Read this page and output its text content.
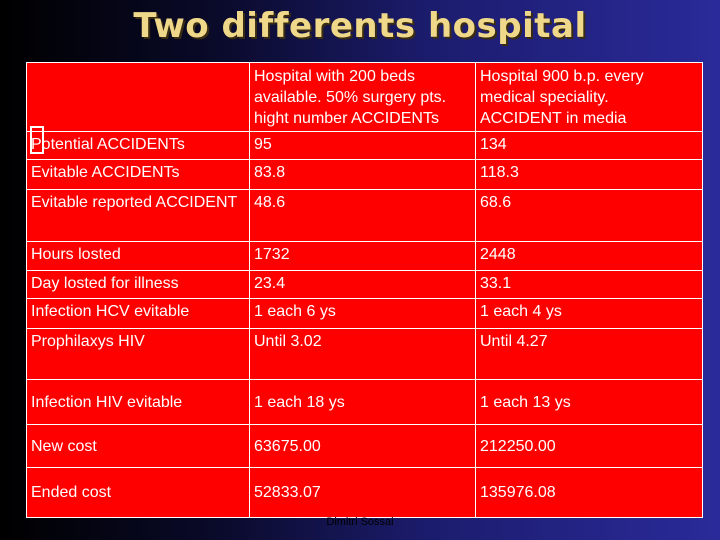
Two differents hospital

	Hospital with 200 beds
available. 50% surgery pts.
hight number ACCIDENTs	Hospital 900 b.p. every
medical speciality.
ACCIDENT in media

Potential ACCIDENTs	95	134
Evitable ACCIDENTs	83.8	118.3
Evitable reported ACCIDENT	48.6	68.6
Hours losted	1732	2448
Day losted for illness	23.4	33.1
Infection HCV evitable	1 each 6 ys	1 each 4 ys
Prophilaxys HIV	Until 3.02	Until 4.27
Infection HIV evitable	1 each 18 ys	1 each 13 ys
New cost	63675.00	212250.00
Ended cost	52833.07	135976.08
Dimitri Sossai
